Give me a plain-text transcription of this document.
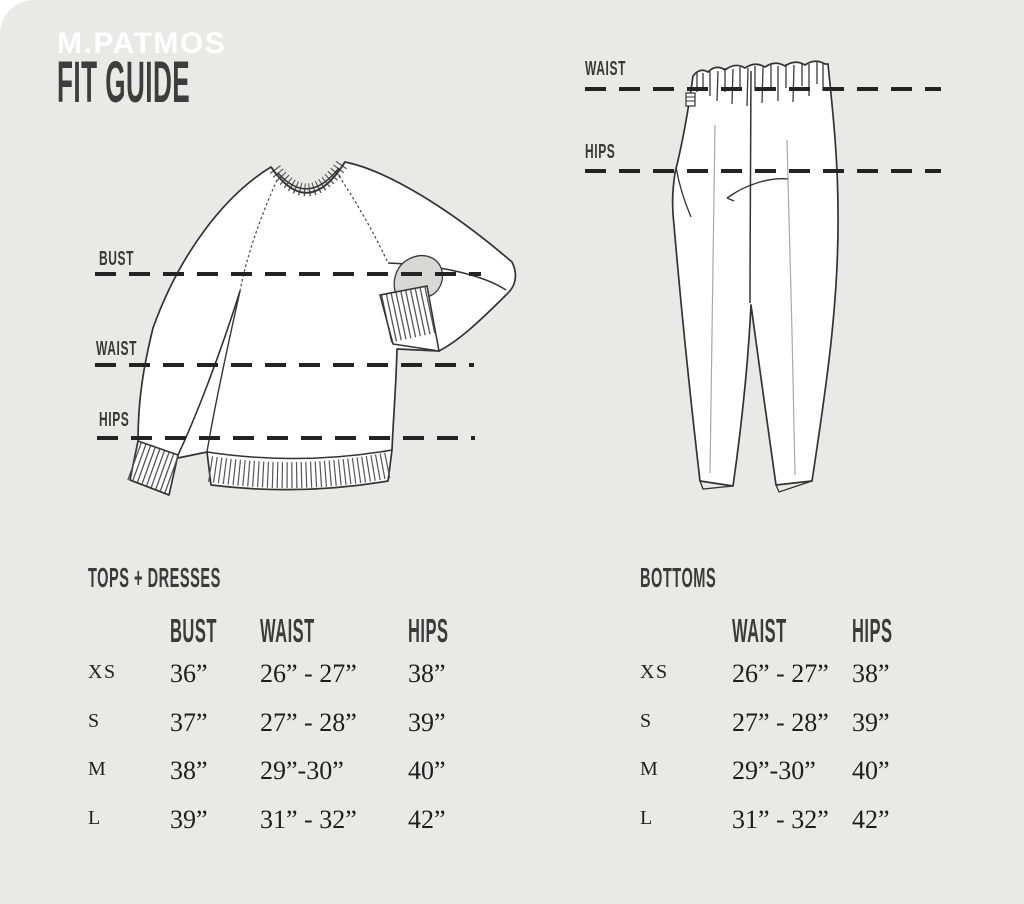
M.PATMOS
FIT GUIDE
BUST
WAIST
HIPS
WAIST
HIPS
TOPS + DRESSES
BUST	WAIST	HIPS
XS	36”	26” - 27”	38”
S	37”	27” - 28”	39”
M	38”	29”-30”	40”
L	39”	31” - 32”	42”
BOTTOMS
WAIST	HIPS
XS	26” - 27” 38”
S	27” - 28” 39”
M	29”-30”	40”
L	31” - 32” 42”
